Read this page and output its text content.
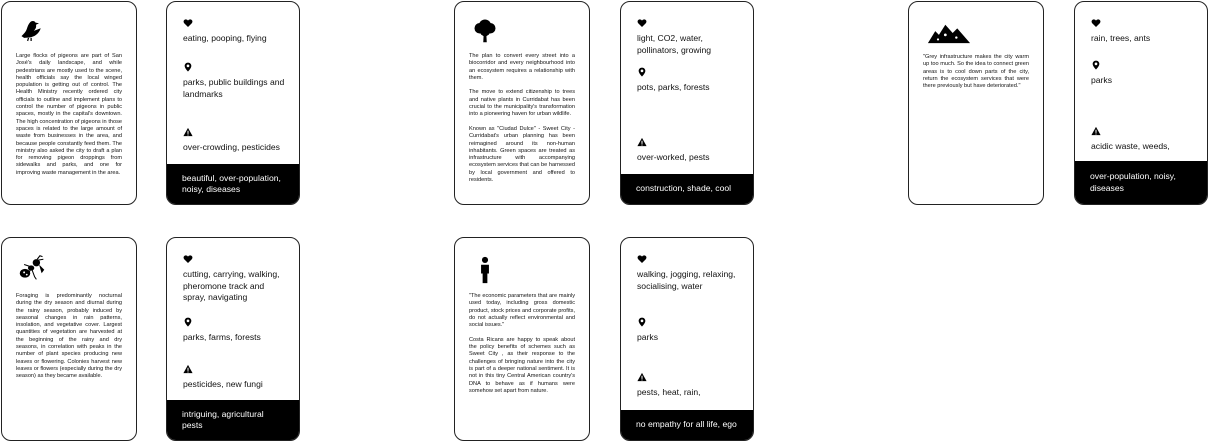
Large flocks of pigeons are part of San José's daily landscape, and while pedestrians are mostly used to the scene, health officials say the local winged population is getting out of control. The Health Ministry recently ordered city officials to outline and implement plans to control the number of pigeons in public spaces, mostly in the capital's downtown. The high concentration of pigeons in those spaces is related to the large amount of waste from businesses in the area, and because people constantly feed them. The ministry also asked the city to draft a plan for removing pigeon droppings from sidewalks and parks, and one for improving waste management in the area.
eating, pooping, flying
parks, public buildings and landmarks
over-crowding, pesticides
beautiful, over-population, noisy, diseases
The plan to convert every street into a biocorridor and every neighbourhood into an ecosystem requires a relationship with them.

The move to extend citizenship to trees and native plants in Curridabat has been crucial to the municipality's transformation into a pioneering haven for urban wildlife.

Known as "Ciudad Dulce" - Sweet City - Curridabat's urban planning has been reimagined around its non-human inhabitants. Green spaces are treated as infrastructure with accompanying ecosystem services that can be harnessed by local government and offered to residents.
light, CO2, water, pollinators, growing
pots, parks, forests
over-worked, pests
construction, shade, cool
"Grey infrastructure makes the city warm up too much. So the idea to connect green areas is to cool down parts of the city, return the ecosystem services that were there previously but have deteriorated."
rain, trees, ants
parks
acidic waste, weeds,
over-population, noisy, diseases
Foraging is predominantly nocturnal during the dry season and diurnal during the rainy season, probably induced by seasonal changes in rain patterns, insolation, and vegetative cover. Largest quantities of vegetation are harvested at the beginning of the rainy and dry seasons, in correlation with peaks in the number of plant species producing new leaves or flowering. Colonies harvest new leaves or flowers (especially during the dry season) as they became available.
cutting, carrying, walking, pheromone track and spray, navigating
parks, farms, forests
pesticides, new fungi
intriguing, agricultural pests
"The economic parameters that are mainly used today, including gross domestic product, stock prices and corporate profits, do not actually reflect environmental and social issues."

Costa Ricans are happy to speak about the policy benefits of schemes such as Sweet City , as their response to the challenges of bringing nature into the city is part of a deeper national sentiment. It is not in this tiny Central American country's DNA to behave as if humans were somehow set apart from nature.
walking, jogging, relaxing, socialising, water
parks
pests, heat, rain,
no empathy for all life, ego
